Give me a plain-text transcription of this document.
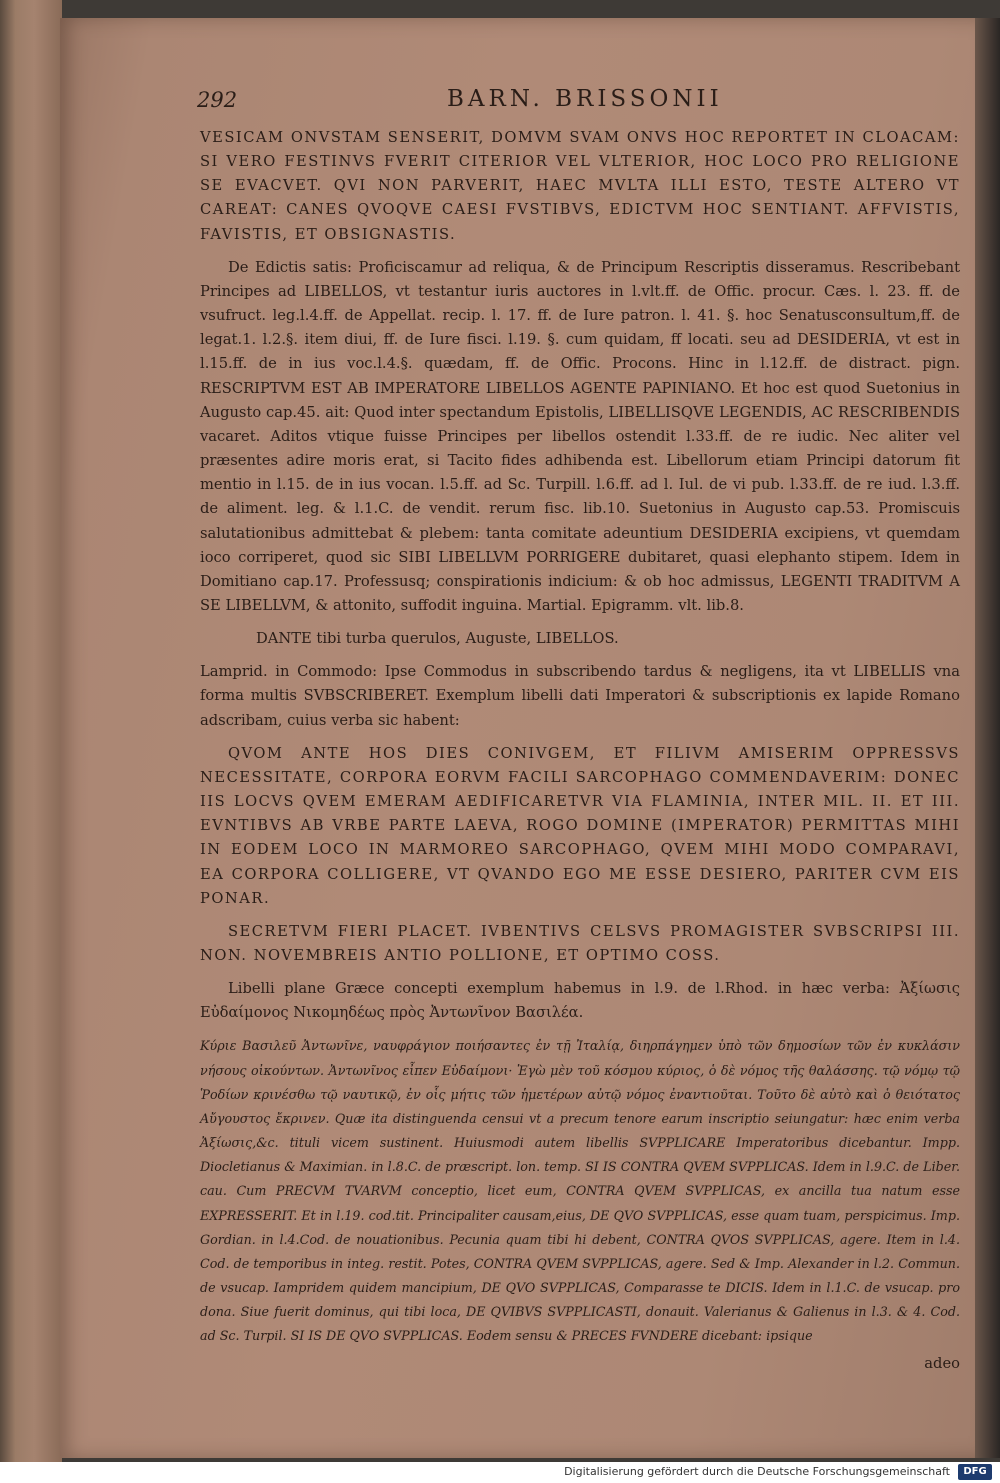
292	BARN. BRISSONII

VESICAM ONVSTAM SENSERIT, DOMVM SVAM ONVS HOC REPORTET IN CLOACAM: SI VERO FESTINVS FVERIT CITERIOR VEL VLTERIOR, HOC LOCO PRO RELIGIONE SE EVACVET. QVI NON PARVERIT, HAEC MVLTA ILLI ESTO, TESTE ALTERO VT CAREAT: CANES QVOQVE CAESI FVSTIBVS, EDICTVM HOC SENTIANT. AFFVISTIS, FAVISTIS, ET OBSIGNASTIS.

De Edictis satis: Proficiscamur ad reliqua, & de Principum Rescriptis disseramus. Rescribebant Principes ad LIBELLOS, vt testantur iuris auctores in l.vlt.ff. de Offic. procur. Cæs. l. 23. ff. de vsufruct. leg.l.4.ff. de Appellat. recip. l. 17. ff. de Iure patron. l. 41. §. hoc Senatusconsultum,ff. de legat.1. l.2.§. item diui, ff. de Iure fisci. l.19. §. cum quidam, ff locati. seu ad DESIDERIA, vt est in l.15.ff. de in ius voc.l.4.§. quædam, ff. de Offic. Procons. Hinc in l.12.ff. de distract. pign. RESCRIPTVM EST AB IMPERATORE LIBELLOS AGENTE PAPINIANO. Et hoc est quod Suetonius in Augusto cap.45. ait: Quod inter spectandum Epistolis, LIBELLISQVE LEGENDIS, AC RESCRIBENDIS vacaret. Aditos vtique fuisse Principes per libellos ostendit l.33.ff. de re iudic. Nec aliter vel præsentes adire moris erat, si Tacito fides adhibenda est. Libellorum etiam Principi datorum fit mentio in l.15. de in ius vocan. l.5.ff. ad Sc. Turpill. l.6.ff. ad l. Iul. de vi pub. l.33.ff. de re iud. l.3.ff. de aliment. leg. & l.1.C. de vendit. rerum fisc. lib.10. Suetonius in Augusto cap.53. Promiscuis salutationibus admittebat & plebem: tanta comitate adeuntium DESIDERIA excipiens, vt quemdam ioco corriperet, quod sic SIBI LIBELLVM PORRIGERE dubitaret, quasi elephanto stipem. Idem in Domitiano cap.17. Professusq; conspirationis indicium: & ob hoc admissus, LEGENTI TRADITVM A SE LIBELLVM, & attonito, suffodit inguina. Martial. Epigramm. vlt. lib.8.

DANTE tibi turba querulos, Auguste, LIBELLOS.

Lamprid. in Commodo: Ipse Commodus in subscribendo tardus & negligens, ita vt LIBELLIS vna forma multis SVBSCRIBERET. Exemplum libelli dati Imperatori & subscriptionis ex lapide Romano adscribam, cuius verba sic habent:

QVOM ANTE HOS DIES CONIVGEM, ET FILIVM AMISERIM OPPRESSVS NECESSITATE, CORPORA EORVM FACILI SARCOPHAGO COMMENDAVERIM: DONEC IIS LOCVS QVEM EMERAM AEDIFICARETVR VIA FLAMINIA, INTER MIL. II. ET III. EVNTIBVS AB VRBE PARTE LAEVA, ROGO DOMINE (IMPERATOR) PERMITTAS MIHI IN EODEM LOCO IN MARMOREO SARCOPHAGO, QVEM MIHI MODO COMPARAVI, EA CORPORA COLLIGERE, VT QVANDO EGO ME ESSE DESIERO, PARITER CVM EIS PONAR.

SECRETVM FIERI PLACET. IVBENTIVS CELSVS PROMAGISTER SVBSCRIPSI III. NON. NOVEMBREIS ANTIO POLLIONE, ET OPTIMO COSS.

Libelli plane Græce concepti exemplum habemus in l.9. de l.Rhod. in hæc verba: Ἀξίωσις Εὐδαίμονος Νικομηδέως πρὸς Ἀντωνῖνον Βασιλέα.

Κύριε Βασιλεῦ Ἀντωνῖνε, ναυφράγιον ποιήσαντες ἐν τῇ Ἰταλίᾳ, διηρπάγημεν ὑπὸ τῶν δημοσίων τῶν ἐν κυκλάσιν νήσους οἰκούντων. Ἀντωνῖνος εἶπεν Εὐδαίμονι· Ἐγὼ μὲν τοῦ κόσμου κύριος, ὁ δὲ νόμος τῆς θαλάσσης. τῷ νόμῳ τῷ Ῥοδίων κρινέσθω τῷ ναυτικῷ, ἐν οἷς μήτις τῶν ἡμετέρων αὐτῷ νόμος ἐναντιοῦται. Τοῦτο δὲ αὐτὸ καὶ ὁ θειότατος Αὔγουστος ἔκρινεν. Quæ ita distinguenda censui vt a precum tenore earum inscriptio seiungatur: hæc enim verba Ἀξίωσις,&c. tituli vicem sustinent. Huiusmodi autem libellis SVPPLICARE Imperatoribus dicebantur. Impp. Diocletianus & Maximian. in l.8.C. de præscript. lon. temp. SI IS CONTRA QVEM SVPPLICAS. Idem in l.9.C. de Liber. cau. Cum PRECVM TVARVM conceptio, licet eum, CONTRA QVEM SVPPLICAS, ex ancilla tua natum esse EXPRESSERIT. Et in l.19. cod.tit. Principaliter causam,eius, DE QVO SVPPLICAS, esse quam tuam, perspicimus. Imp. Gordian. in l.4.Cod. de nouationibus. Pecunia quam tibi hi debent, CONTRA QVOS SVPPLICAS, agere. Item in l.4. Cod. de temporibus in integ. restit. Potes, CONTRA QVEM SVPPLICAS, agere. Sed & Imp. Alexander in l.2. Commun. de vsucap. Iampridem quidem mancipium, DE QVO SVPPLICAS, Comparasse te DICIS. Idem in l.1.C. de vsucap. pro dona. Siue fuerit dominus, qui tibi loca, DE QVIBVS SVPPLICASTI, donauit. Valerianus & Galienus in l.3. & 4. Cod. ad Sc. Turpil. SI IS DE QVO SVPPLICAS. Eodem sensu & PRECES FVNDERE dicebant: ipsique

adeo

Digitalisierung gefördert durch die Deutsche Forschungsgemeinschaft	DFG
